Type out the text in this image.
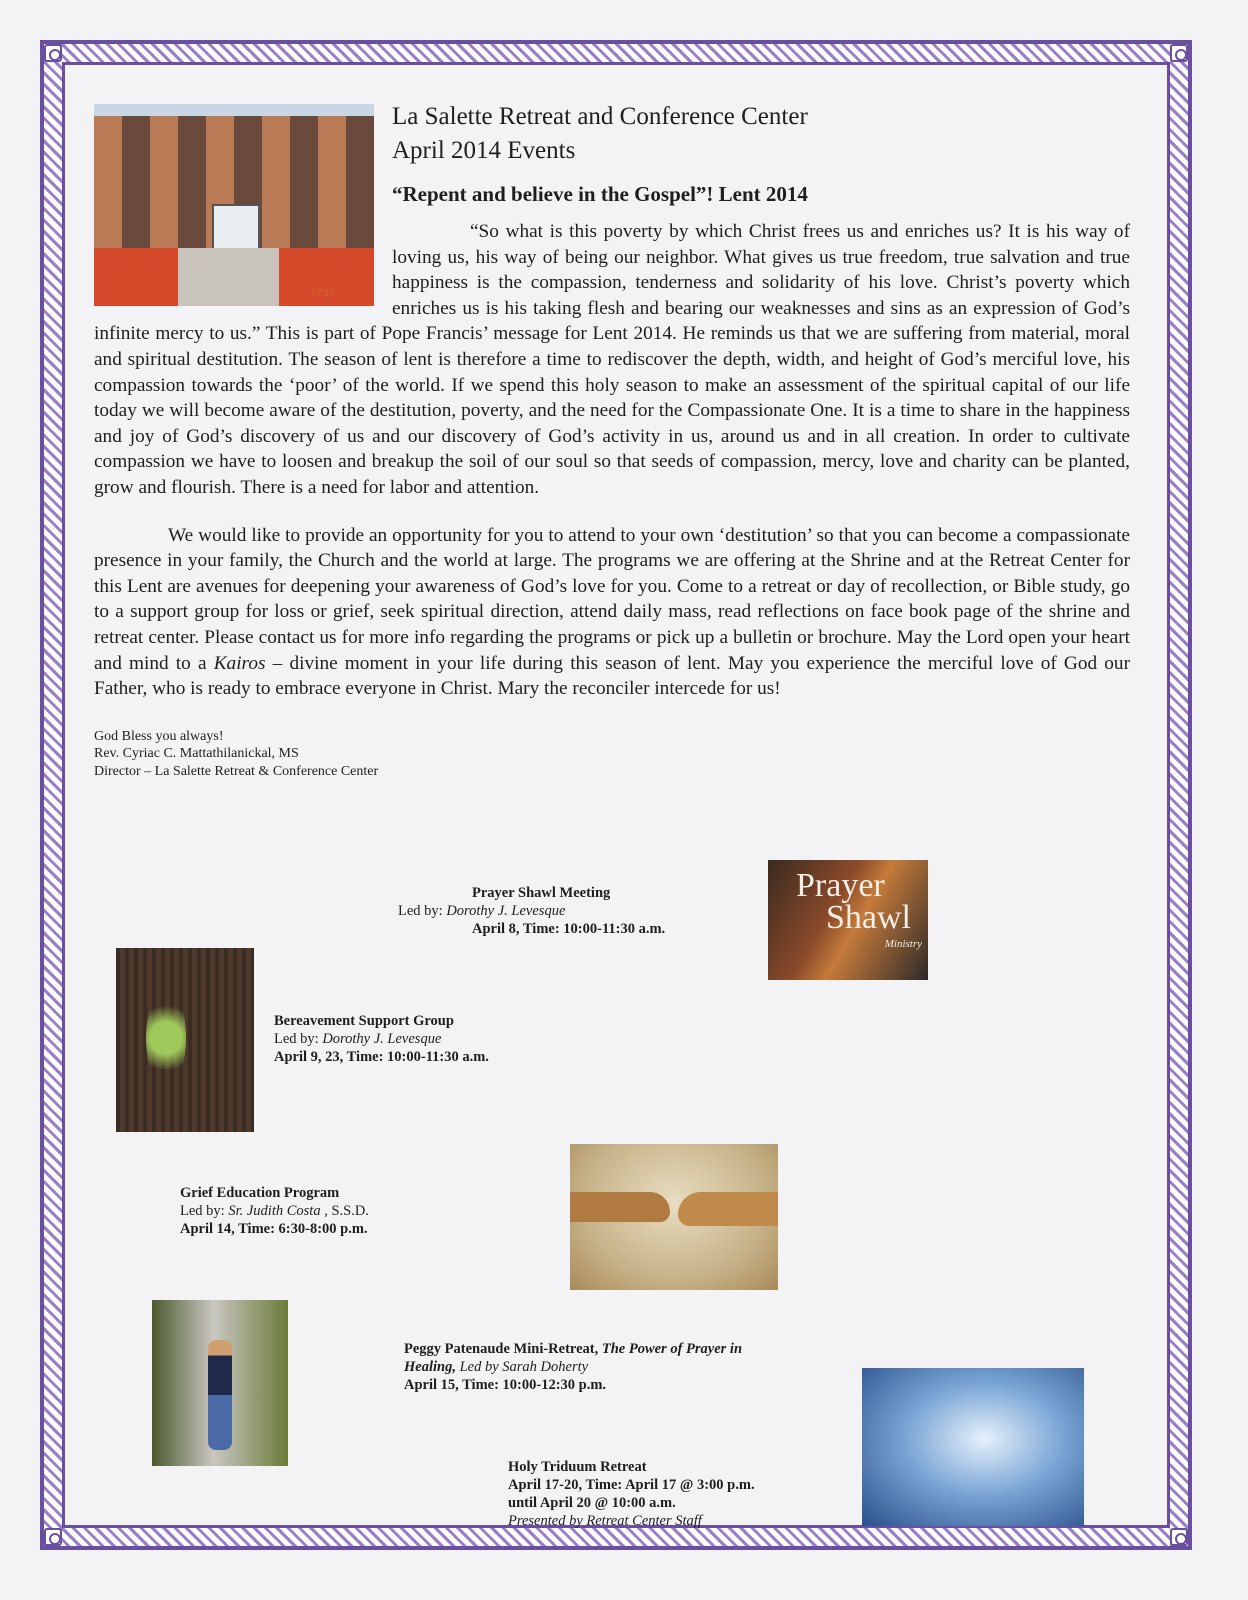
07 27
La Salette Retreat and Conference Center
April 2014 Events
“Repent and believe in the Gospel”! Lent 2014

“So what is this poverty by which Christ frees us and enriches us? It is his way of loving us, his way of being our neighbor. What gives us true freedom, true salvation and true happiness is the compassion, tenderness and solidarity of his love. Christ’s poverty which enriches us is his taking flesh and bearing our weaknesses and sins as an expression of God’s infinite mercy to us.” This is part of Pope Francis’ message for Lent 2014. He reminds us that we are suffering from material, moral and spiritual destitution. The season of lent is therefore a time to rediscover the depth, width, and height of God’s merciful love, his compassion towards the ‘poor’ of the world. If we spend this holy season to make an assessment of the spiritual capital of our life today we will become aware of the destitution, poverty, and the need for the Compassionate One. It is a time to share in the happiness and joy of God’s discovery of us and our discovery of God’s activity in us, around us and in all creation. In order to cultivate compassion we have to loosen and breakup the soil of our soul so that seeds of compassion, mercy, love and charity can be planted, grow and flourish. There is a need for labor and attention.

We would like to provide an opportunity for you to attend to your own ‘destitution’ so that you can become a compassionate presence in your family, the Church and the world at large. The programs we are offering at the Shrine and at the Retreat Center for this Lent are avenues for deepening your awareness of God’s love for you. Come to a retreat or day of recollection, or Bible study, go to a support group for loss or grief, seek spiritual direction, attend daily mass, read reflections on face book page of the shrine and retreat center. Please contact us for more info regarding the programs or pick up a bulletin or brochure. May the Lord open your heart and mind to a Kairos – divine moment in your life during this season of lent. May you experience the merciful love of God our Father, who is ready to embrace everyone in Christ. Mary the reconciler intercede for us!

God Bless you always!
Rev. Cyriac C. Mattathilanickal, MS
Director – La Salette Retreat & Conference Center
Prayer Shawl Meeting
Led by: Dorothy J. Levesque
April 8, Time: 10:00-11:30 a.m.
Prayer
Shawl
Ministry
Bereavement Support Group
Led by: Dorothy J. Levesque
April 9, 23, Time: 10:00-11:30 a.m.
Grief Education Program
Led by: Sr. Judith Costa , S.S.D.
April 14, Time: 6:30-8:00 p.m.
Peggy Patenaude Mini-Retreat, The Power of Prayer in Healing, Led by Sarah Doherty
April 15, Time: 10:00-12:30 p.m.
Holy Triduum Retreat
April 17-20, Time: April 17 @ 3:00 p.m.
until April 20 @ 10:00 a.m.
Presented by Retreat Center Staff
